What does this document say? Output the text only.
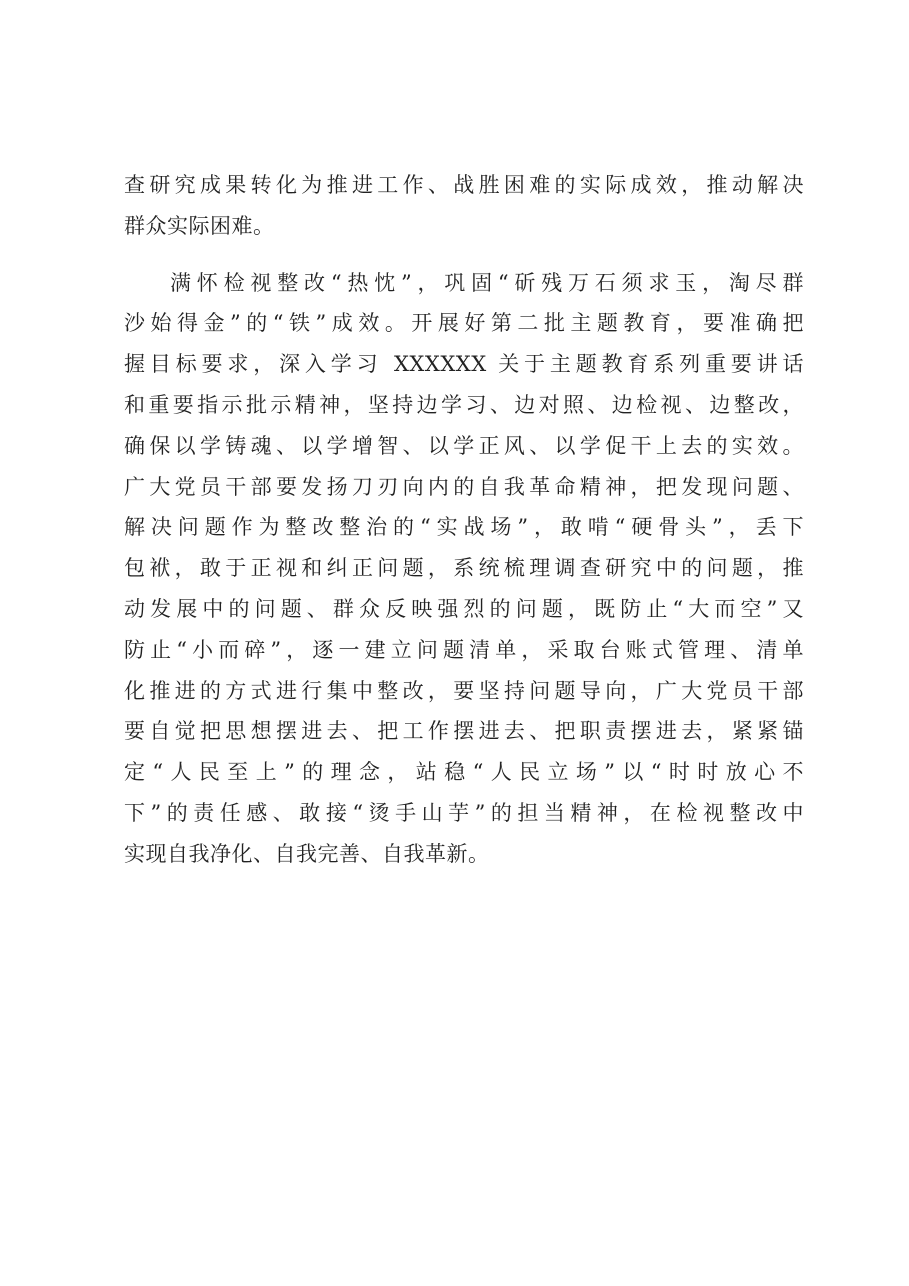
查研究成果转化为推进工作、战胜困难的实际成效，推动解决
群众实际困难。
满怀检视整改“热忱”，巩固“斫残万石须求玉，淘尽群
沙始得金”的“铁”成效。开展好第二批主题教育，要准确把
握目标要求，深入学习 XXXXXX 关于主题教育系列重要讲话
和重要指示批示精神，坚持边学习、边对照、边检视、边整改，
确保以学铸魂、以学增智、以学正风、以学促干上去的实效。
广大党员干部要发扬刀刃向内的自我革命精神，把发现问题、
解决问题作为整改整治的“实战场”，敢啃“硬骨头”，丢下
包袱，敢于正视和纠正问题，系统梳理调查研究中的问题，推
动发展中的问题、群众反映强烈的问题，既防止“大而空”又
防止“小而碎”，逐一建立问题清单，采取台账式管理、清单
化推进的方式进行集中整改，要坚持问题导向，广大党员干部
要自觉把思想摆进去、把工作摆进去、把职责摆进去，紧紧锚
定“人民至上”的理念，站稳“人民立场”以“时时放心不
下”的责任感、敢接“烫手山芋”的担当精神，在检视整改中
实现自我净化、自我完善、自我革新。
